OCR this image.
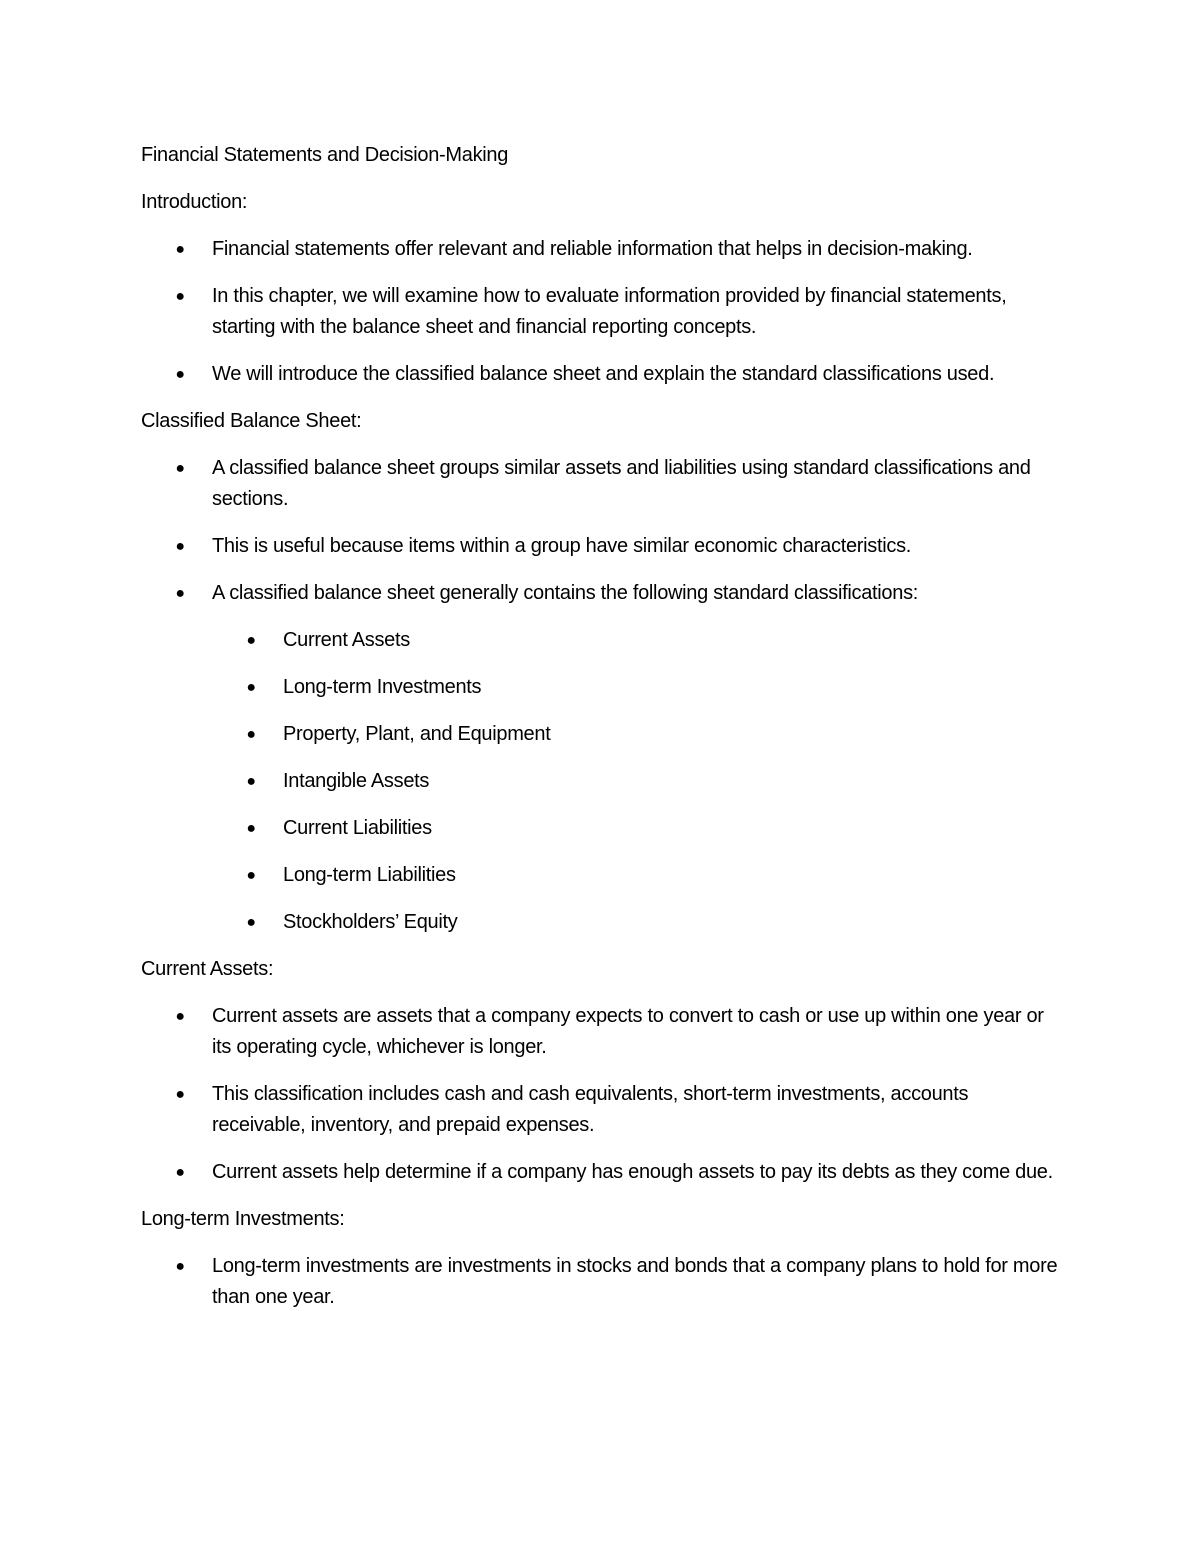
Financial Statements and Decision-Making

Introduction:

● Financial statements offer relevant and reliable information that helps in decision-making.
● In this chapter, we will examine how to evaluate information provided by financial statements, starting with the balance sheet and financial reporting concepts.
● We will introduce the classified balance sheet and explain the standard classifications used.

Classified Balance Sheet:

● A classified balance sheet groups similar assets and liabilities using standard classifications and sections.
● This is useful because items within a group have similar economic characteristics.
● A classified balance sheet generally contains the following standard classifications:
● Current Assets
● Long-term Investments
● Property, Plant, and Equipment
● Intangible Assets
● Current Liabilities
● Long-term Liabilities
● Stockholders’ Equity

Current Assets:

● Current assets are assets that a company expects to convert to cash or use up within one year or its operating cycle, whichever is longer.
● This classification includes cash and cash equivalents, short-term investments, accounts receivable, inventory, and prepaid expenses.
● Current assets help determine if a company has enough assets to pay its debts as they come due.

Long-term Investments:

● Long-term investments are investments in stocks and bonds that a company plans to hold for more than one year.
